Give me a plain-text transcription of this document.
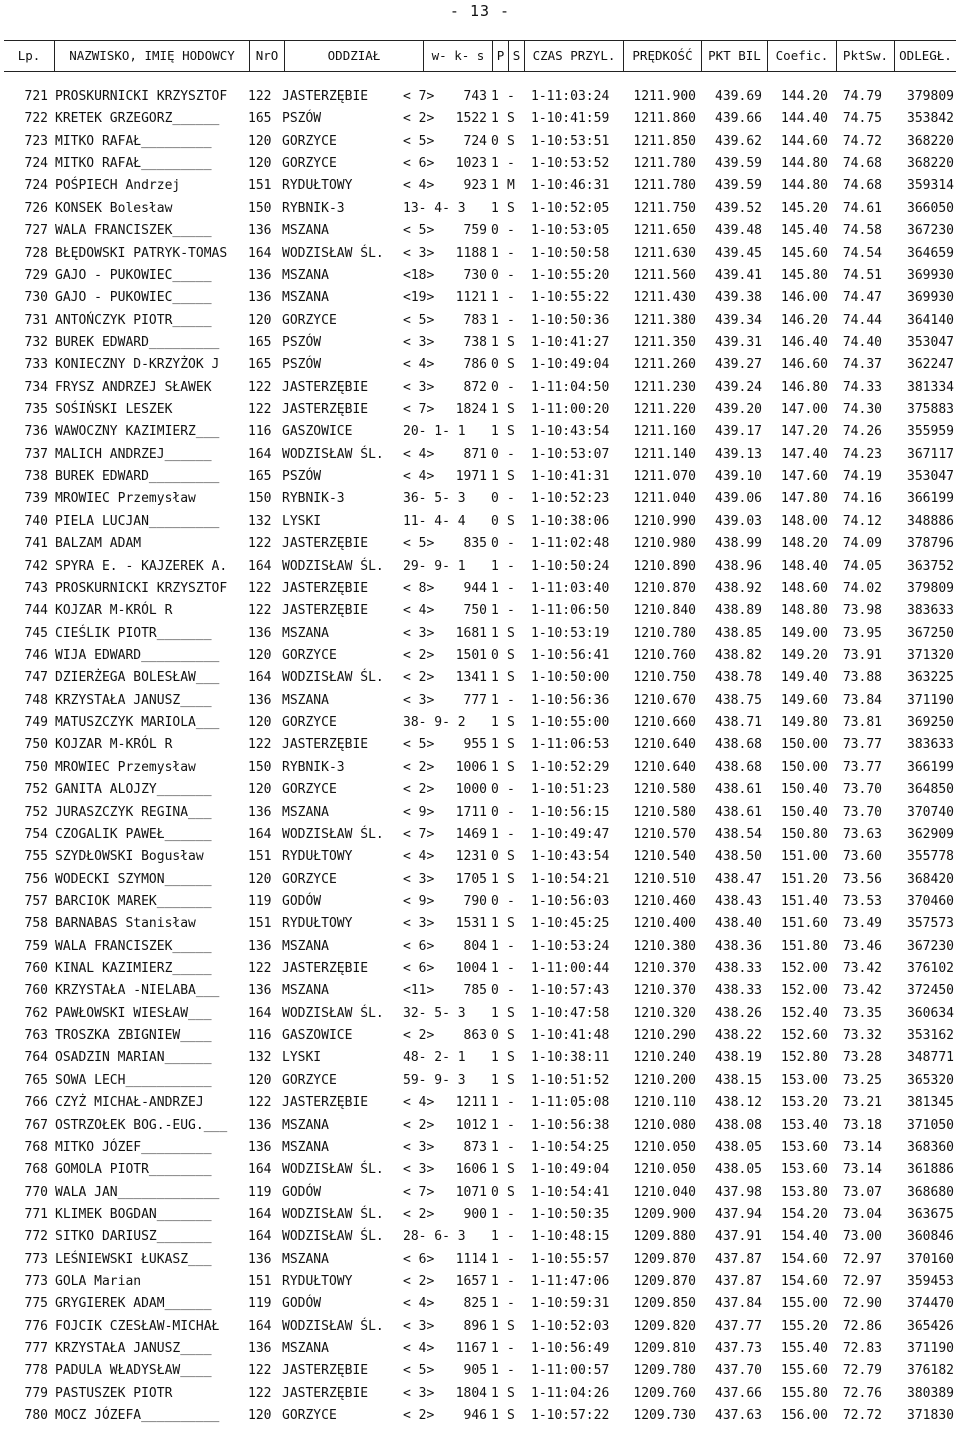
- 13 -
Lp.	NAZWISKO, IMIĘ HODOWCY	NrO	ODDZIAŁ	w- k- s P S CZAS PRZYL.	PRĘDKOŚĆ	PKT BIL	Coefic.	PktSw. ODLEGŁ.
721 PROSKURNICKI KRZYSZTOF	122 JASTERZĘBIE	< 7>	743 1 -	1-11:03:24	1211.900	439.69	144.20	74.79	379809
722 KRETEK GRZEGORZ______	165 PSZÓW	< 2>	1522 1 S	1-10:41:59	1211.860	439.66	144.40	74.75	353842
723 MITKO RAFAŁ_________	120 GORZYCE	< 5>	724 0 S	1-10:53:51	1211.850	439.62	144.60	74.72	368220
724 MITKO RAFAŁ_________	120 GORZYCE	< 6>	1023 1 -	1-10:53:52	1211.780	439.59	144.80	74.68	368220
724 POŚPIECH Andrzej	151 RYDUŁTOWY	< 4>	923 1 M	1-10:46:31	1211.780	439.59	144.80	74.68	359314
726 KONSEK Bolesław	150 RYBNIK-3	13- 4- 3 1 S	1-10:52:05	1211.750	439.52	145.20	74.61	366050
727 WALA FRANCISZEK_____	136 MSZANA	< 5>	759 0 -	1-10:53:05	1211.650	439.48	145.40	74.58	367230
728 BŁĘDOWSKI PATRYK-TOMAS	164 WODZISŁAW ŚL.	< 3>	1188 1 -	1-10:50:58	1211.630	439.45	145.60	74.54	364659
729 GAJO - PUKOWIEC_____	136 MSZANA	<18>	730 0 -	1-10:55:20	1211.560	439.41	145.80	74.51	369930
730 GAJO - PUKOWIEC_____	136 MSZANA	<19>	1121 1 -	1-10:55:22	1211.430	439.38	146.00	74.47	369930
731 ANTOŃCZYK PIOTR_____	120 GORZYCE	< 5>	783 1 -	1-10:50:36	1211.380	439.34	146.20	74.44	364140
732 BUREK EDWARD_________	165 PSZÓW	< 3>	738 1 S	1-10:41:27	1211.350	439.31	146.40	74.40	353047
733 KONIECZNY D-KRZYŻOK J	165 PSZÓW	< 4>	786 0 S	1-10:49:04	1211.260	439.27	146.60	74.37	362247
734 FRYSZ ANDRZEJ SŁAWEK	122 JASTERZĘBIE	< 3>	872 0 -	1-11:04:50	1211.230	439.24	146.80	74.33	381334
735 SOŚIŃSKI LESZEK	122 JASTERZĘBIE	< 7>	1824 1 S	1-11:00:20	1211.220	439.20	147.00	74.30	375883
736 WAWOCZNY KAZIMIERZ___	116 GASZOWICE	20- 1- 1 1 S	1-10:43:54	1211.160	439.17	147.20	74.26	355959
737 MALICH ANDRZEJ______	164 WODZISŁAW ŚL.	< 4>	871 0 -	1-10:53:07	1211.140	439.13	147.40	74.23	367117
738 BUREK EDWARD_________	165 PSZÓW	< 4>	1971 1 S	1-10:41:31	1211.070	439.10	147.60	74.19	353047
739 MROWIEC Przemysław	150 RYBNIK-3	36- 5- 3 0 -	1-10:52:23	1211.040	439.06	147.80	74.16	366199
740 PIELA LUCJAN_________	132 LYSKI	11- 4- 4 0 S	1-10:38:06	1210.990	439.03	148.00	74.12	348886
741 BALZAM ADAM	122 JASTERZĘBIE	< 5>	835 0 -	1-11:02:48	1210.980	438.99	148.20	74.09	378796
742 SPYRA E. - KAJZEREK A.	164 WODZISŁAW ŚL.	29- 9- 1 1 -	1-10:50:24	1210.890	438.96	148.40	74.05	363752
743 PROSKURNICKI KRZYSZTOF	122 JASTERZĘBIE	< 8>	944 1 -	1-11:03:40	1210.870	438.92	148.60	74.02	379809
744 KOJZAR M-KRÓL R	122 JASTERZĘBIE	< 4>	750 1 -	1-11:06:50	1210.840	438.89	148.80	73.98	383633
745 CIEŚLIK PIOTR_______	136 MSZANA	< 3>	1681 1 S	1-10:53:19	1210.780	438.85	149.00	73.95	367250
746 WIJA EDWARD__________	120 GORZYCE	< 2>	1501 0 S	1-10:56:41	1210.760	438.82	149.20	73.91	371320
747 DZIERŻEGA BOLESŁAW___	164 WODZISŁAW ŚL.	< 2>	1341 1 S	1-10:50:00	1210.750	438.78	149.40	73.88	363225
748 KRZYSTAŁA JANUSZ____	136 MSZANA	< 3>	777 1 -	1-10:56:36	1210.670	438.75	149.60	73.84	371190
749 MATUSZCZYK MARIOLA___	120 GORZYCE	38- 9- 2 1 S	1-10:55:00	1210.660	438.71	149.80	73.81	369250
750 KOJZAR M-KRÓL R	122 JASTERZĘBIE	< 5>	955 1 S	1-11:06:53	1210.640	438.68	150.00	73.77	383633
750 MROWIEC Przemysław	150 RYBNIK-3	< 2>	1006 1 S	1-10:52:29	1210.640	438.68	150.00	73.77	366199
752 GANITA ALOJZY_______	120 GORZYCE	< 2>	1000 0 -	1-10:51:23	1210.580	438.61	150.40	73.70	364850
752 JURASZCZYK REGINA___	136 MSZANA	< 9>	1711 0 -	1-10:56:15	1210.580	438.61	150.40	73.70	370740
754 CZOGALIK PAWEŁ______	164 WODZISŁAW ŚL.	< 7>	1469 1 -	1-10:49:47	1210.570	438.54	150.80	73.63	362909
755 SZYDŁOWSKI Bogusław	151 RYDUŁTOWY	< 4>	1231 0 S	1-10:43:54	1210.540	438.50	151.00	73.60	355778
756 WODECKI SZYMON______	120 GORZYCE	< 3>	1705 1 S	1-10:54:21	1210.510	438.47	151.20	73.56	368420
757 BARCIOK MAREK_______	119 GODÓW	< 9>	790 0 -	1-10:56:03	1210.460	438.43	151.40	73.53	370460
758 BARNABAS Stanisław	151 RYDUŁTOWY	< 3>	1531 1 S	1-10:45:25	1210.400	438.40	151.60	73.49	357573
759 WALA FRANCISZEK_____	136 MSZANA	< 6>	804 1 -	1-10:53:24	1210.380	438.36	151.80	73.46	367230
760 KINAL KAZIMIERZ_____	122 JASTERZĘBIE	< 6>	1004 1 -	1-11:00:44	1210.370	438.33	152.00	73.42	376102
760 KRZYSTAŁA -NIELABA___	136 MSZANA	<11>	785 0 -	1-10:57:43	1210.370	438.33	152.00	73.42	372450
762 PAWŁOWSKI WIESŁAW___	164 WODZISŁAW ŚL.	32- 5- 3 1 S	1-10:47:58	1210.320	438.26	152.40	73.35	360634
763 TROSZKA ZBIGNIEW____	116 GASZOWICE	< 2>	863 0 S	1-10:41:48	1210.290	438.22	152.60	73.32	353162
764 OSADZIN MARIAN______	132 LYSKI	48- 2- 1 1 S	1-10:38:11	1210.240	438.19	152.80	73.28	348771
765 SOWA LECH___________	120 GORZYCE	59- 9- 3 1 S	1-10:51:52	1210.200	438.15	153.00	73.25	365320
766 CZYŻ MICHAŁ-ANDRZEJ	122 JASTERZĘBIE	< 4>	1211 1 -	1-11:05:08	1210.110	438.12	153.20	73.21	381345
767 OSTRZOŁEK BOG.-EUG.___	136 MSZANA	< 2>	1012 1 -	1-10:56:38	1210.080	438.08	153.40	73.18	371050
768 MITKO JÓZEF_________	136 MSZANA	< 3>	873 1 -	1-10:54:25	1210.050	438.05	153.60	73.14	368360
768 GOMOLA PIOTR________	164 WODZISŁAW ŚL.	< 3>	1606 1 S	1-10:49:04	1210.050	438.05	153.60	73.14	361886
770 WALA JAN_____________	119 GODÓW	< 7>	1071 0 S	1-10:54:41	1210.040	437.98	153.80	73.07	368680
771 KLIMEK BOGDAN_______	164 WODZISŁAW ŚL.	< 2>	900 1 -	1-10:50:35	1209.900	437.94	154.20	73.04	363675
772 SITKO DARIUSZ_______	164 WODZISŁAW ŚL.	28- 6- 3 1 -	1-10:48:15	1209.880	437.91	154.40	73.00	360846
773 LEŚNIEWSKI ŁUKASZ___	136 MSZANA	< 6>	1114 1 -	1-10:55:57	1209.870	437.87	154.60	72.97	370160
773 GOLA Marian	151 RYDUŁTOWY	< 2>	1657 1 -	1-11:47:06	1209.870	437.87	154.60	72.97	359453
775 GRYGIEREK ADAM______	119 GODÓW	< 4>	825 1 -	1-10:59:31	1209.850	437.84	155.00	72.90	374470
776 FOJCIK CZESŁAW-MICHAŁ	164 WODZISŁAW ŚL.	< 3>	896 1 S	1-10:52:03	1209.820	437.77	155.20	72.86	365426
777 KRZYSTAŁA JANUSZ____	136 MSZANA	< 4>	1167 1 -	1-10:56:49	1209.810	437.73	155.40	72.83	371190
778 PADULA WŁADYSŁAW____	122 JASTERZĘBIE	< 5>	905 1 -	1-11:00:57	1209.780	437.70	155.60	72.79	376182
779 PASTUSZEK PIOTR	122 JASTERZĘBIE	< 3>	1804 1 S	1-11:04:26	1209.760	437.66	155.80	72.76	380389
780 MOCZ JÓZEFA__________	120 GORZYCE	< 2>	946 1 S	1-10:57:22	1209.730	437.63	156.00	72.72	371830
